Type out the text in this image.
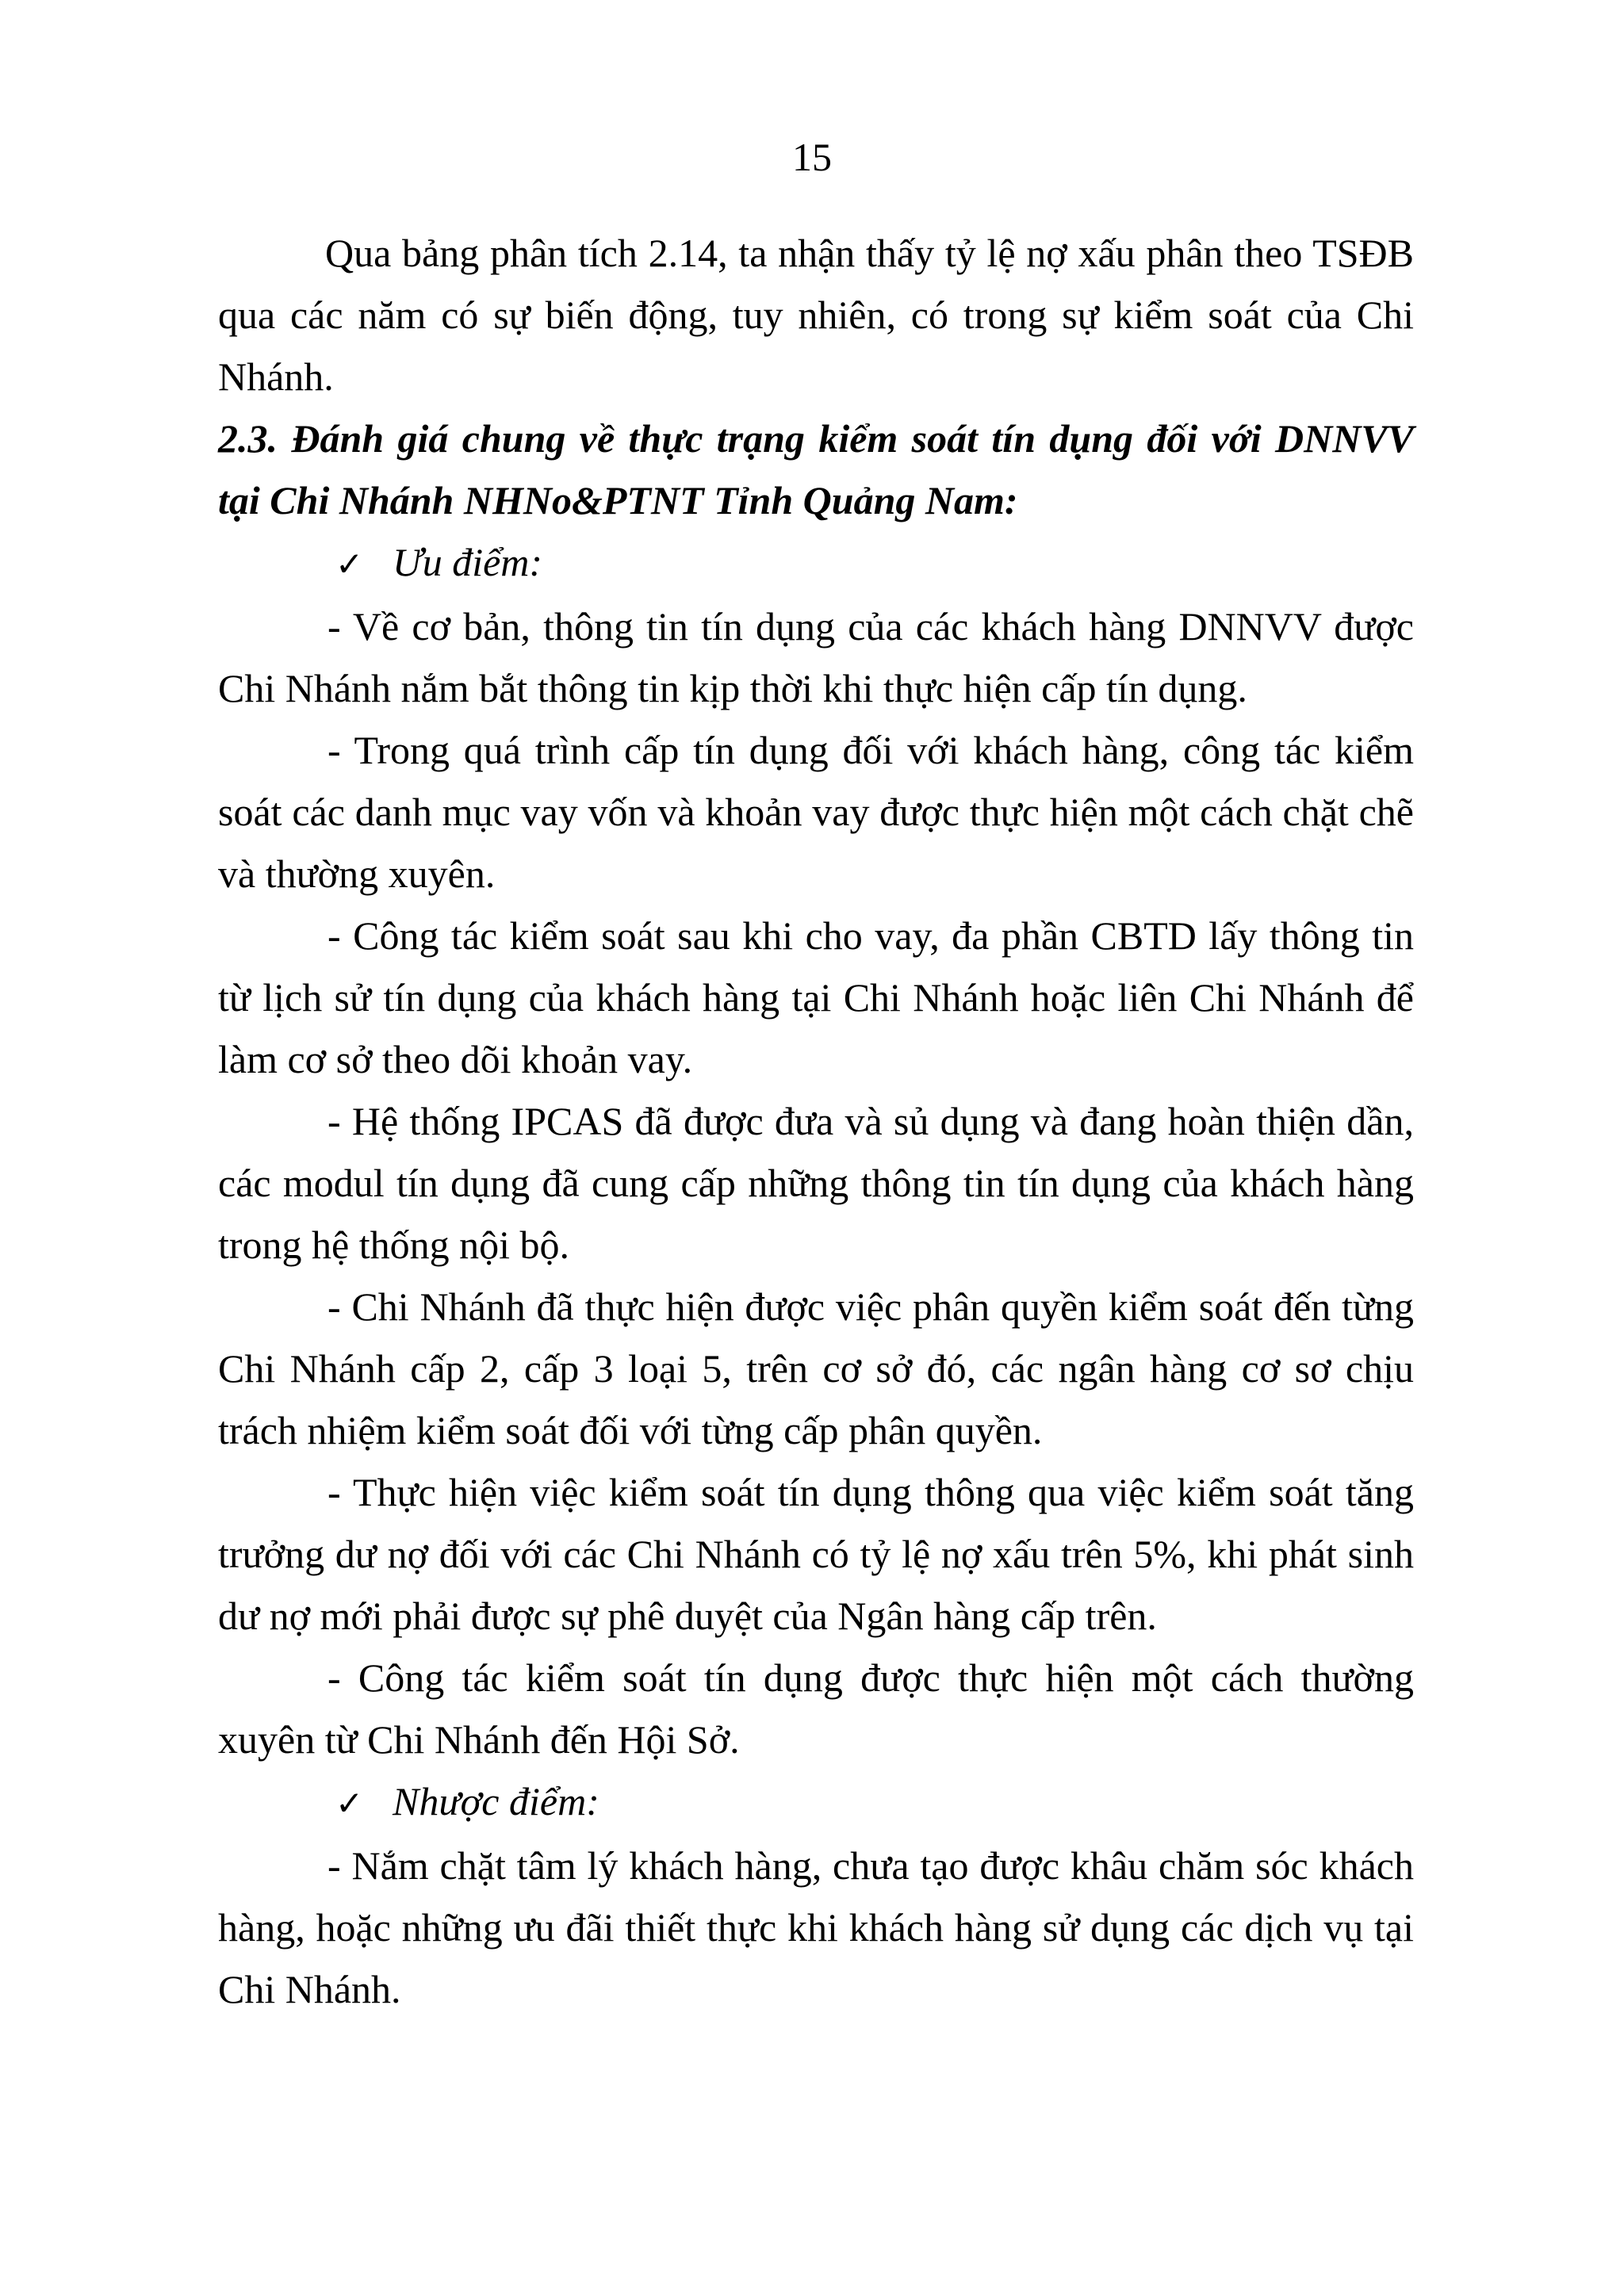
15

Qua bảng phân tích 2.14, ta nhận thấy tỷ lệ nợ xấu phân theo TSĐB qua các năm có sự biến động, tuy nhiên, có trong sự kiểm soát của Chi Nhánh.

2.3. Đánh giá chung về thực trạng kiểm soát tín dụng đối với DNNVV tại Chi Nhánh NHNo&PTNT Tỉnh Quảng Nam:

✓ Ưu điểm:

- Về cơ bản, thông tin tín dụng của các khách hàng DNNVV được Chi Nhánh nắm bắt thông tin kịp thời khi thực hiện cấp tín dụng.

- Trong quá trình cấp tín dụng đối với khách hàng, công tác kiểm soát các danh mục vay vốn và khoản vay được thực hiện một cách chặt chẽ và thường xuyên.

- Công tác kiểm soát sau khi cho vay, đa phần CBTD lấy thông tin từ lịch sử tín dụng của khách hàng tại Chi Nhánh hoặc liên Chi Nhánh để làm cơ sở theo dõi khoản vay.

- Hệ thống IPCAS đã được đưa và sủ dụng và đang hoàn thiện dần, các modul tín dụng đã cung cấp những thông tin tín dụng của khách hàng trong hệ thống nội bộ.

- Chi Nhánh đã thực hiện được việc phân quyền kiểm soát đến từng Chi Nhánh cấp 2, cấp 3 loại 5, trên cơ sở đó, các ngân hàng cơ sơ chịu trách nhiệm kiểm soát đối với từng cấp phân quyền.

- Thực hiện việc kiểm soát tín dụng thông qua việc kiểm soát tăng trưởng dư nợ đối với các Chi Nhánh có tỷ lệ nợ xấu trên 5%, khi phát sinh dư nợ mới phải được sự phê duyệt của Ngân hàng cấp trên.

- Công tác kiểm soát tín dụng được thực hiện một cách thường xuyên từ Chi Nhánh đến Hội Sở.

✓ Nhược điểm:

- Nắm chặt tâm lý khách hàng, chưa tạo được khâu chăm sóc khách hàng, hoặc những ưu đãi thiết thực khi khách hàng sử dụng các dịch vụ tại Chi Nhánh.
